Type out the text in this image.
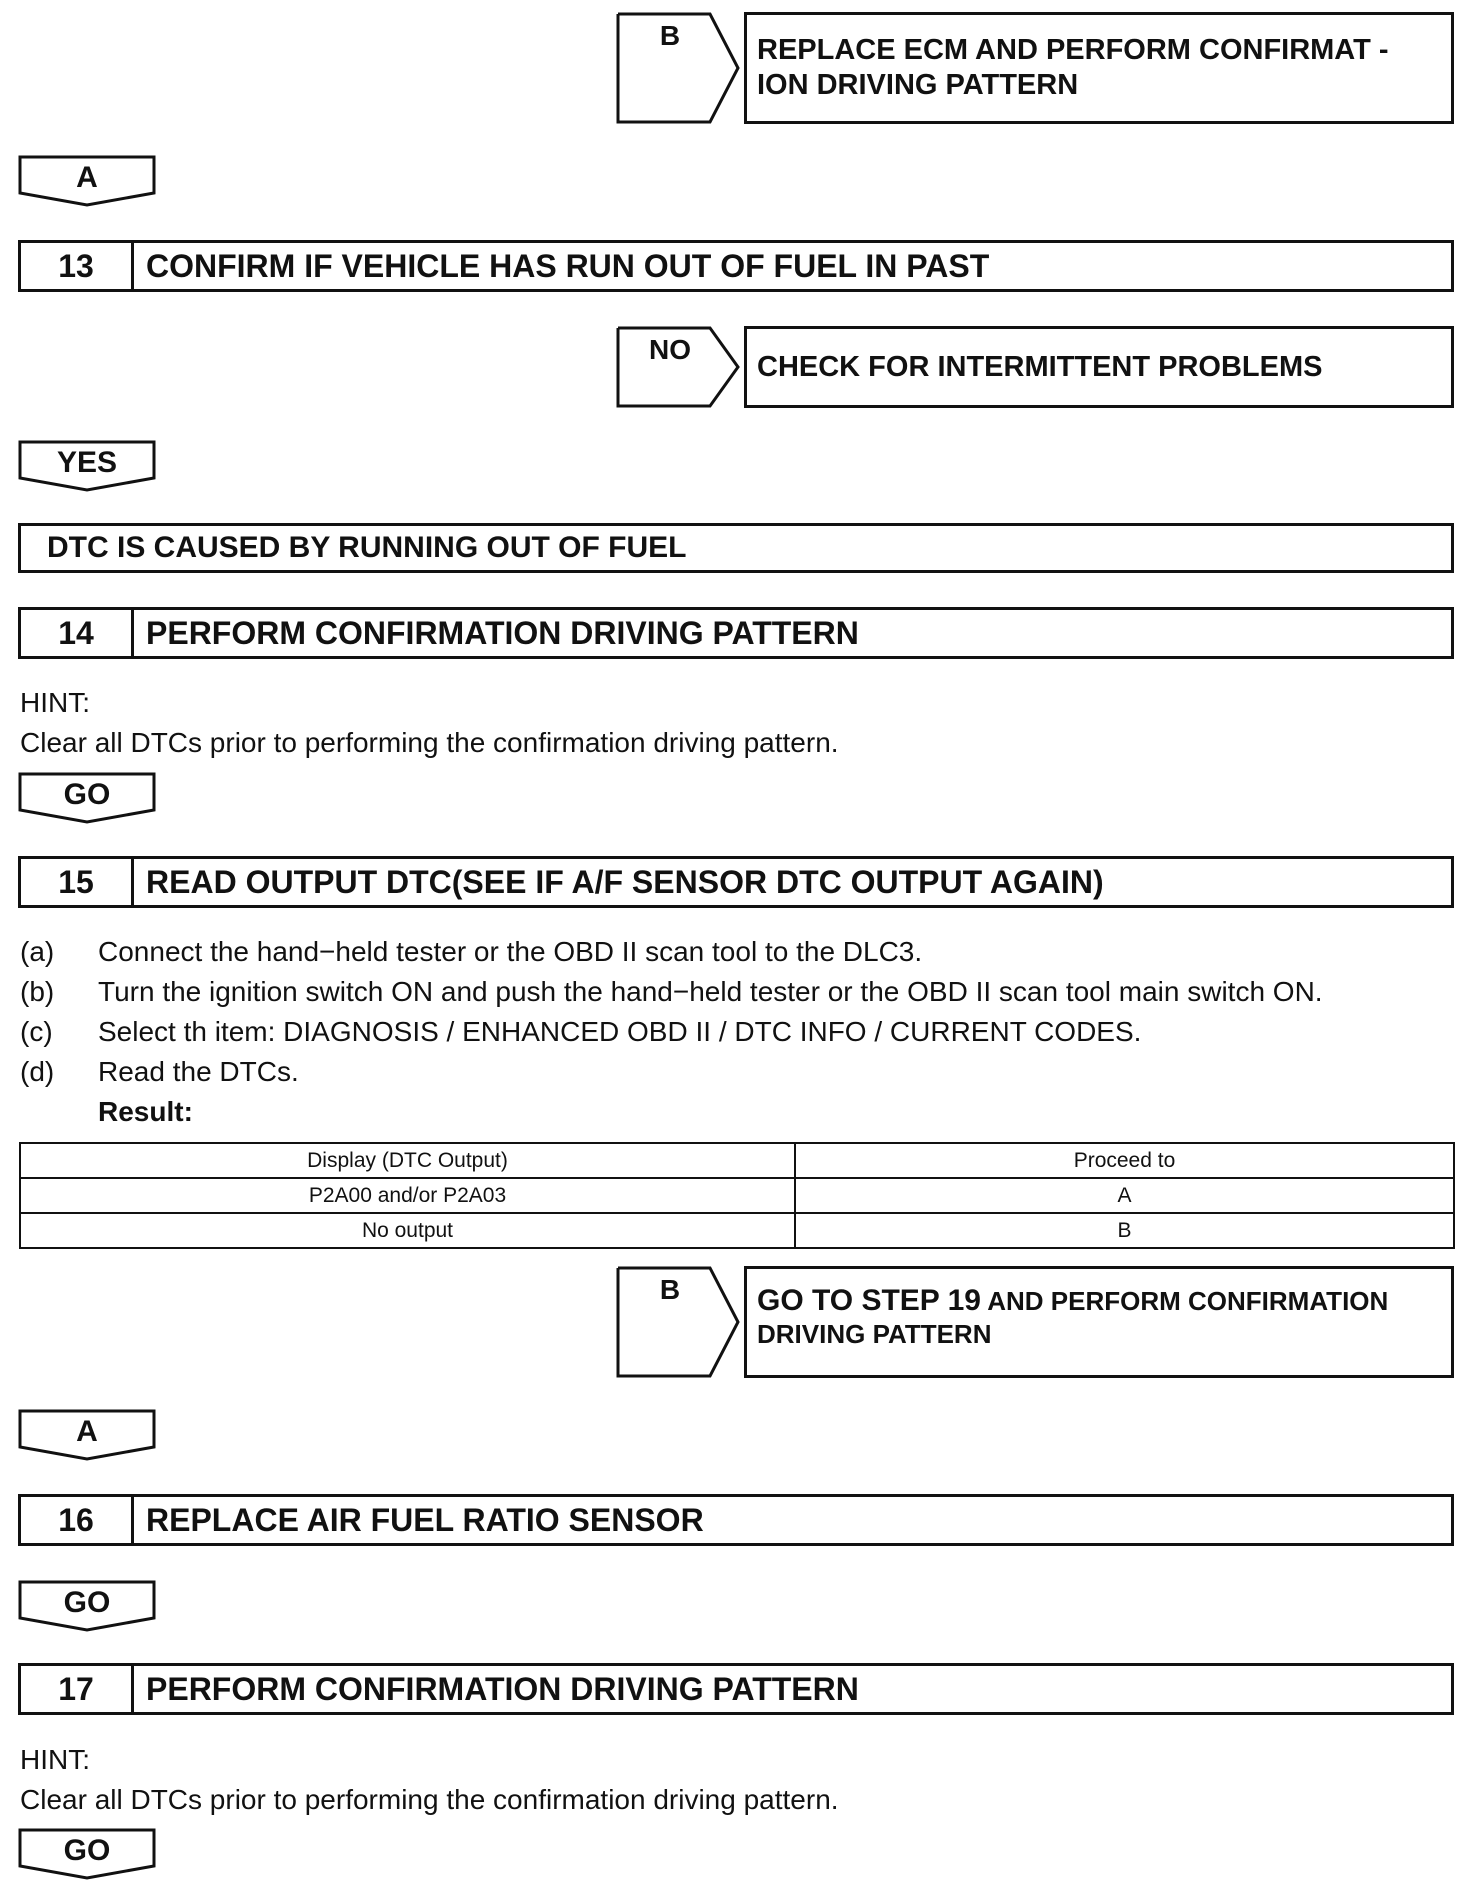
B	REPLACE ECM AND PERFORM CONFIRMAT -
ION DRIVING PATTERN
A
13	CONFIRM IF VEHICLE HAS RUN OUT OF FUEL IN PAST
NO
CHECK FOR INTERMITTENT PROBLEMS
YES
DTC IS CAUSED BY RUNNING OUT OF FUEL
14	PERFORM CONFIRMATION DRIVING PATTERN
HINT:
Clear all DTCs prior to performing the confirmation driving pattern.
GO
15	READ OUTPUT DTC(SEE IF A/F SENSOR DTC OUTPUT AGAIN)
(a)	Connect the hand−held tester or the OBD II scan tool to the DLC3.
(b)	Turn the ignition switch ON and push the hand−held tester or the OBD II scan tool main switch ON.
(c)	Select th item: DIAGNOSIS / ENHANCED OBD II / DTC INFO / CURRENT CODES.
(d)	Read the DTCs.
Result:
Display (DTC Output)	Proceed to
P2A00 and/or P2A03	A
No output	B
B	GO TO STEP 19 AND PERFORM CONFIRMATION
DRIVING PATTERN
A
16	REPLACE AIR FUEL RATIO SENSOR
GO
17	PERFORM CONFIRMATION DRIVING PATTERN
HINT:
Clear all DTCs prior to performing the confirmation driving pattern.
GO
